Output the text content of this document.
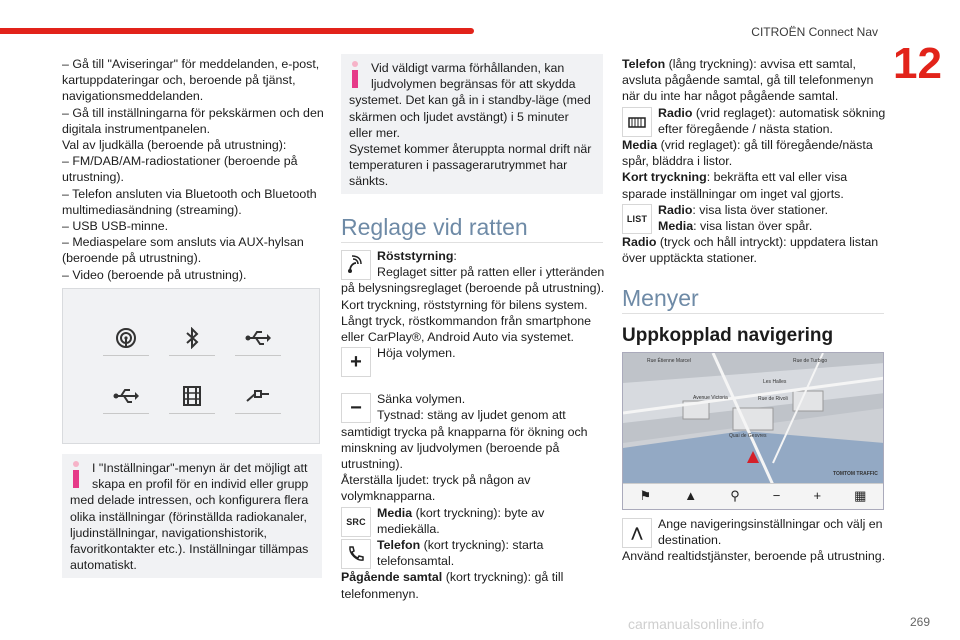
CITROËN Connect Nav
12
269

– Gå till "Aviseringar" för meddelanden, e-post, kartuppdateringar och, beroende på tjänst, navigationsmeddelanden.

– Gå till inställningarna för pekskärmen och den digitala instrumentpanelen.

Val av ljudkälla (beroende på utrustning):

– FM/DAB/AM-radiostationer (beroende på utrustning).

– Telefon ansluten via Bluetooth och Bluetooth multimediasändning (streaming).

– USB USB-minne.

– Mediaspelare som ansluts via AUX-hylsan (beroende på utrustning).

– Video (beroende på utrustning).

I "Inställningar"-menyn är det möjligt att skapa en profil för en individ eller grupp med delade intressen, och konfigurera flera olika inställningar (förinställda radiokanaler, ljudinställningar, navigationshistorik, favoritkontakter etc.). Inställningar tillämpas automatiskt.
Vid väldigt varma förhållanden, kan ljudvolymen begränsas för att skydda systemet. Det kan gå in i standby-läge (med skärmen och ljudet avstängt) i 5 minuter eller mer.
Systemet kommer återuppta normal drift när temperaturen i passagerarutrymmet har sänkts.
Reglage vid ratten

Röststyrning:
Reglaget sitter på ratten eller i ytteränden på belysningsreglaget (beroende på utrustning).
Kort tryckning, röststyrning för bilens system.
Långt tryck, röstkommandon från smartphone eller CarPlay®, Android Auto via systemet.

+	Höja volymen.

−	Sänka volymen.
Tystnad: stäng av ljudet genom att samtidigt trycka på knapparna för ökning och minskning av ljudvolymen (beroende på utrustning).
Återställa ljudet: tryck på någon av volymknapparna.

SRC

Media (kort tryckning): byte av mediekälla.

Telefon (kort tryckning): starta telefonsamtal.

Pågående samtal (kort tryckning): gå till telefonmenyn.

Telefon (lång tryckning): avvisa ett samtal, avsluta pågående samtal, gå till telefonmenyn när du inte har något pågående samtal.

Radio (vrid reglaget): automatisk sökning efter föregående / nästa station.

Media (vrid reglaget): gå till föregående/nästa spår, bläddra i listor.

Kort tryckning: bekräfta ett val eller visa sparade inställningar om inget val gjorts.

LIST

Radio: visa lista över stationer.
Media: visa listan över spår.

Radio (tryck och håll intryckt): uppdatera listan över upptäckta stationer.

Menyer
Uppkopplad navigering
Rue Étienne Marcel	Rue de Turbigo
Les Halles
Avenue Victoria	Rue de Rivoli
Quai de Gesvres
TOMTOM TRAFFIC
⚑	▲	⚲	−	+	▦
⋀

Ange navigeringsinställningar och välj en destination.

Använd realtidstjänster, beroende på utrustning.

carmanualsonline.info
